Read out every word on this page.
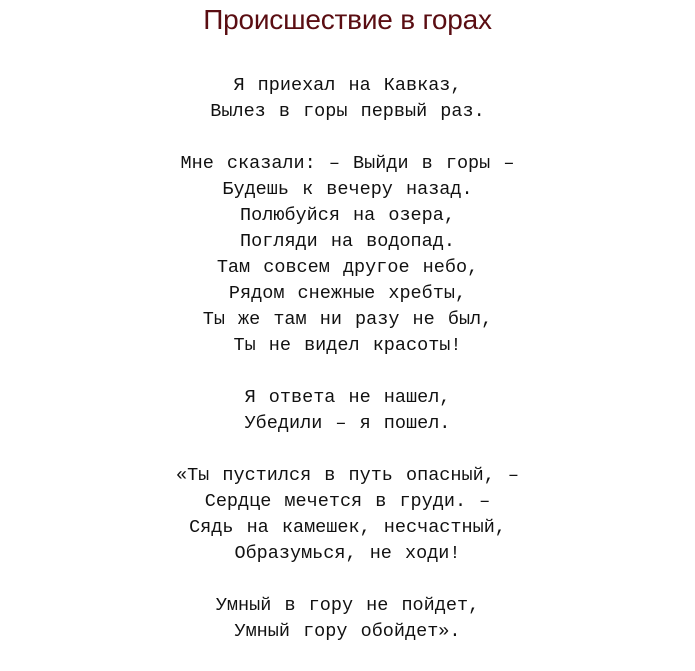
Происшествие в горах
Я приехал на Кавказ,
Вылез в горы первый раз.
Мне сказали: – Выйди в горы –
Будешь к вечеру назад.
Полюбуйся на озера,
Погляди на водопад.
Там совсем другое небо,
Рядом снежные хребты,
Ты же там ни разу не был,
Ты не видел красоты!
Я ответа не нашел,
Убедили – я пошел.
«Ты пустился в путь опасный, –
Сердце мечется в груди. –
Сядь на камешек, несчастный,
Образумься, не ходи!
Умный в гору не пойдет,
Умный гору обойдет».
